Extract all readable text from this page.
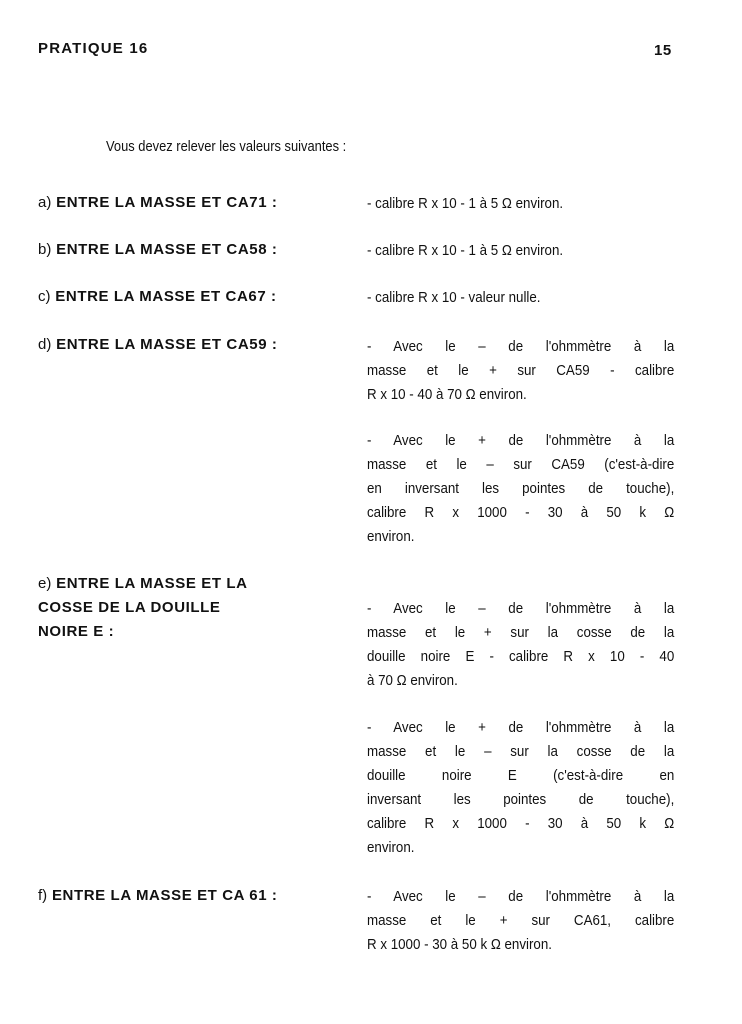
PRATIQUE 16	15
Vous devez relever les valeurs suivantes :
a) ENTRE LA MASSE ET CA71 :	- calibre R x 10 - 1 à 5 Ω environ.
b) ENTRE LA MASSE ET CA58 :	- calibre R x 10 - 1 à 5 Ω environ.
c) ENTRE LA MASSE ET CA67 :	- calibre R x 10 - valeur nulle.
d) ENTRE LA MASSE ET CA59 :	- Avec le – de l'ohmmètre à la
masse et le + sur CA59 - calibre
R x 10 - 40 à 70 Ω environ.
- Avec le + de l'ohmmètre à la
masse et le – sur CA59 (c'est-à-dire
en inversant les pointes de touche),
calibre R x 1000 - 30 à 50 k Ω
environ.
e) ENTRE LA MASSE ET LA
COSSE DE LA DOUILLE
NOIRE E :
- Avec le – de l'ohmmètre à la
masse et le + sur la cosse de la
douille noire E - calibre R x 10 - 40
à 70 Ω environ.
- Avec le + de l'ohmmètre à la
masse et le – sur la cosse de la
douille noire E (c'est-à-dire en
inversant les pointes de touche),
calibre R x 1000 - 30 à 50 k Ω
environ.
f) ENTRE LA MASSE ET CA 61 :	- Avec le – de l'ohmmètre à la
masse et le + sur CA61, calibre
R x 1000 - 30 à 50 k Ω environ.
